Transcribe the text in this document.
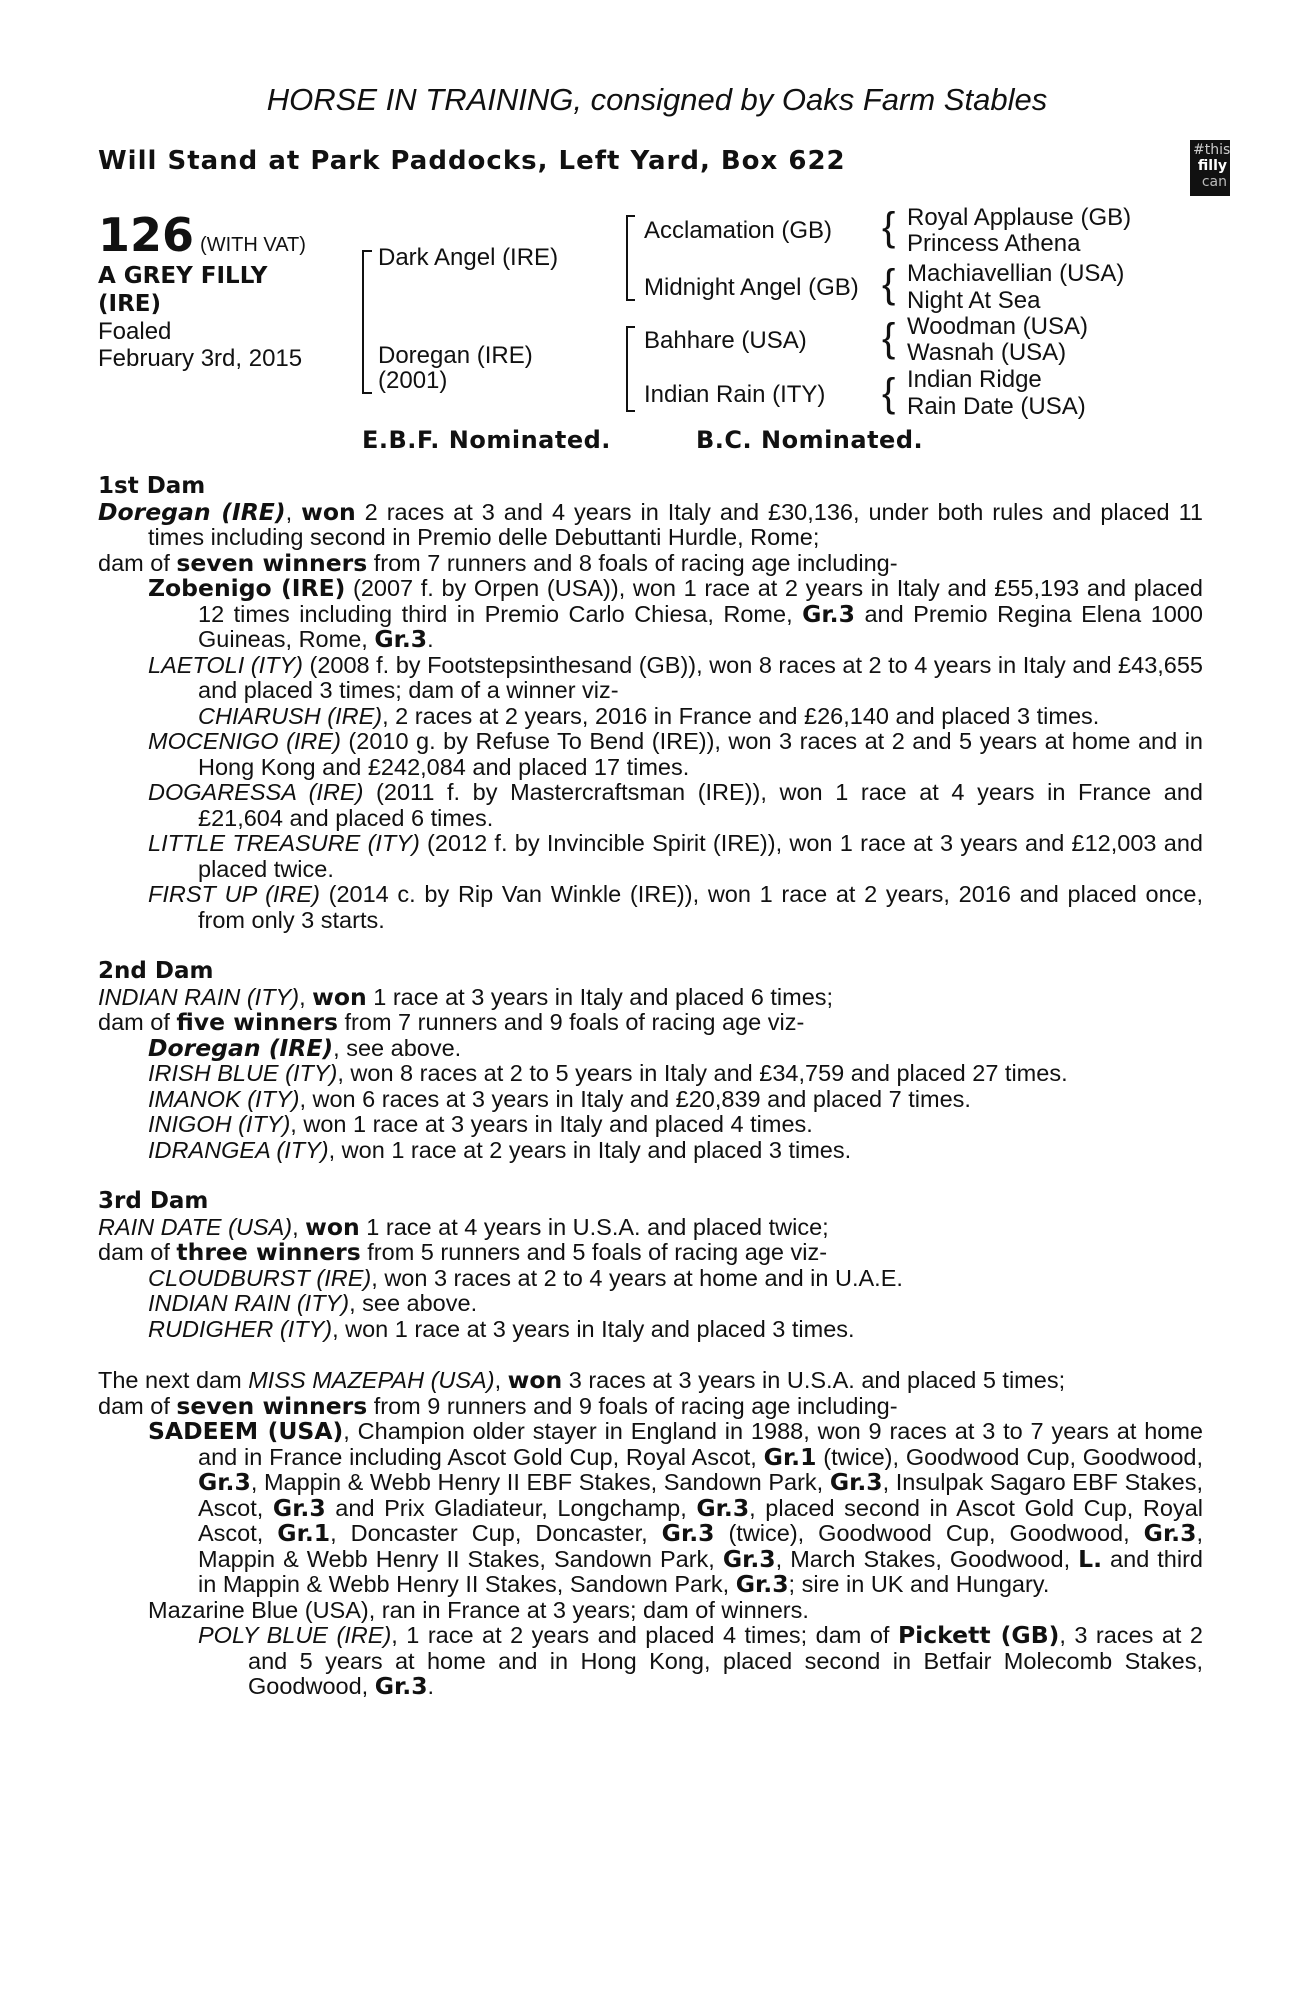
HORSE IN TRAINING, consigned by Oaks Farm Stables
Will Stand at Park Paddocks, Left Yard, Box 622	#this
filly
can
126 (WITH VAT)
A GREY FILLY
(IRE)
Foaled
February 3rd, 2015
Dark Angel (IRE)
Doregan (IRE)
(2001)
Acclamation (GB)
Midnight Angel (GB)
Bahhare (USA)
Indian Rain (ITY)
{ Royal Applause (GB)
Princess Athena
{ Machiavellian (USA)
Night At Sea
{ Woodman (USA)
Wasnah (USA)
{ Indian Ridge
Rain Date (USA)
E.B.F. Nominated.	B.C. Nominated.
1st Dam
Doregan (IRE), won 2 races at 3 and 4 years in Italy and £30,136, under both rules and placed 11 times including second in Premio delle Debuttanti Hurdle, Rome;
dam of seven winners from 7 runners and 8 foals of racing age including-
Zobenigo (IRE) (2007 f. by Orpen (USA)), won 1 race at 2 years in Italy and £55,193 and placed 12 times including third in Premio Carlo Chiesa, Rome, Gr.3 and Premio Regina Elena 1000 Guineas, Rome, Gr.3.
LAETOLI (ITY) (2008 f. by Footstepsinthesand (GB)), won 8 races at 2 to 4 years in Italy and £43,655 and placed 3 times; dam of a winner viz-
CHIARUSH (IRE), 2 races at 2 years, 2016 in France and £26,140 and placed 3 times.
MOCENIGO (IRE) (2010 g. by Refuse To Bend (IRE)), won 3 races at 2 and 5 years at home and in Hong Kong and £242,084 and placed 17 times.
DOGARESSA (IRE) (2011 f. by Mastercraftsman (IRE)), won 1 race at 4 years in France and £21,604 and placed 6 times.
LITTLE TREASURE (ITY) (2012 f. by Invincible Spirit (IRE)), won 1 race at 3 years and £12,003 and placed twice.
FIRST UP (IRE) (2014 c. by Rip Van Winkle (IRE)), won 1 race at 2 years, 2016 and placed once, from only 3 starts.
2nd Dam
INDIAN RAIN (ITY), won 1 race at 3 years in Italy and placed 6 times;
dam of five winners from 7 runners and 9 foals of racing age viz-
Doregan (IRE), see above.
IRISH BLUE (ITY), won 8 races at 2 to 5 years in Italy and £34,759 and placed 27 times.
IMANOK (ITY), won 6 races at 3 years in Italy and £20,839 and placed 7 times.
INIGOH (ITY), won 1 race at 3 years in Italy and placed 4 times.
IDRANGEA (ITY), won 1 race at 2 years in Italy and placed 3 times.
3rd Dam
RAIN DATE (USA), won 1 race at 4 years in U.S.A. and placed twice;
dam of three winners from 5 runners and 5 foals of racing age viz-
CLOUDBURST (IRE), won 3 races at 2 to 4 years at home and in U.A.E.
INDIAN RAIN (ITY), see above.
RUDIGHER (ITY), won 1 race at 3 years in Italy and placed 3 times.
The next dam MISS MAZEPAH (USA), won 3 races at 3 years in U.S.A. and placed 5 times;
dam of seven winners from 9 runners and 9 foals of racing age including-
SADEEM (USA), Champion older stayer in England in 1988, won 9 races at 3 to 7 years at home and in France including Ascot Gold Cup, Royal Ascot, Gr.1 (twice), Goodwood Cup, Goodwood, Gr.3, Mappin & Webb Henry II EBF Stakes, Sandown Park, Gr.3, Insulpak Sagaro EBF Stakes, Ascot, Gr.3 and Prix Gladiateur, Longchamp, Gr.3, placed second in Ascot Gold Cup, Royal Ascot, Gr.1, Doncaster Cup, Doncaster, Gr.3 (twice), Goodwood Cup, Goodwood, Gr.3, Mappin & Webb Henry II Stakes, Sandown Park, Gr.3, March Stakes, Goodwood, L. and third in Mappin & Webb Henry II Stakes, Sandown Park, Gr.3; sire in UK and Hungary.
Mazarine Blue (USA), ran in France at 3 years; dam of winners.
POLY BLUE (IRE), 1 race at 2 years and placed 4 times; dam of Pickett (GB), 3 races at 2 and 5 years at home and in Hong Kong, placed second in Betfair Molecomb Stakes, Goodwood, Gr.3.
